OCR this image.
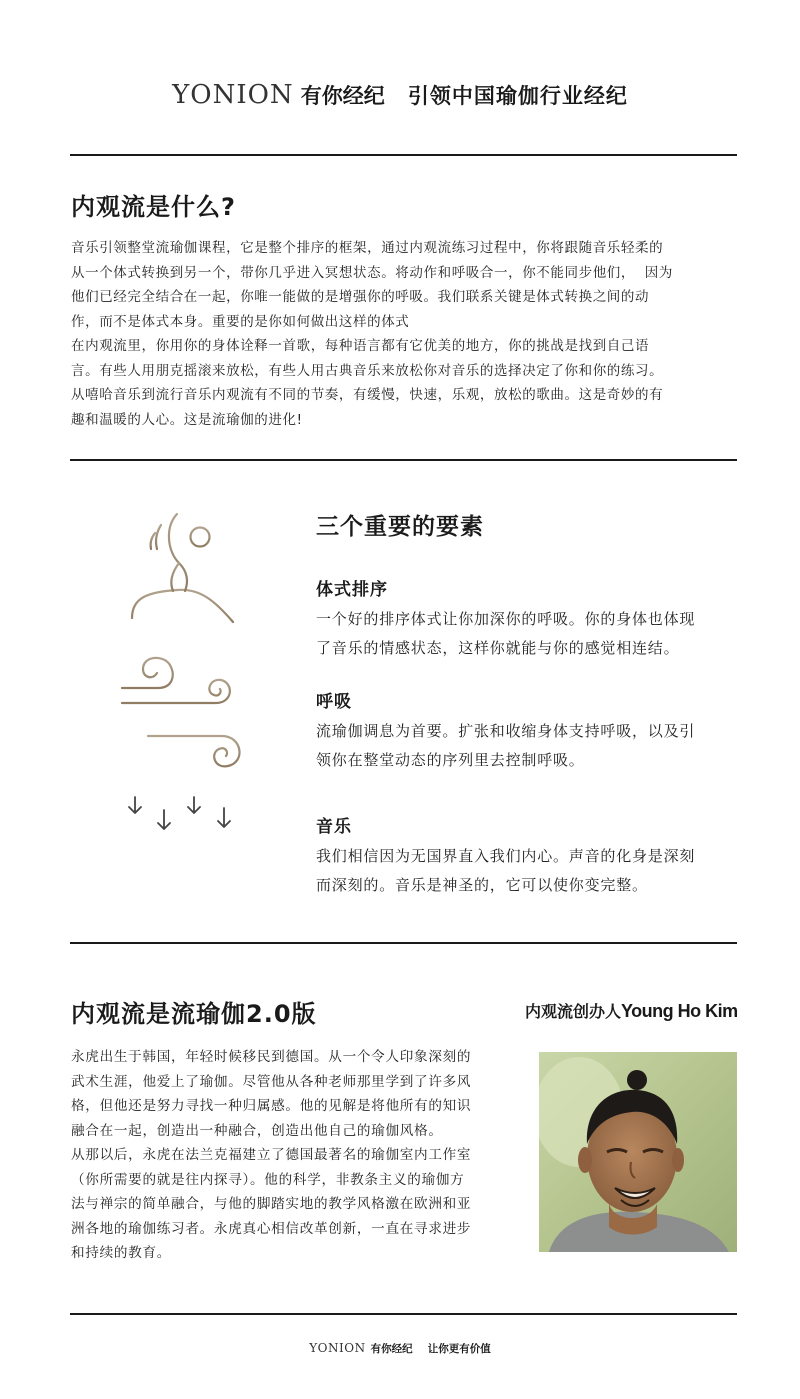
YONION 有你经纪 引领中国瑜伽行业经纪
内观流是什么?
音乐引领整堂流瑜伽课程，它是整个排序的框架，通过内观流练习过程中，你将跟随音乐轻柔的
从一个体式转换到另一个，带你几乎进入冥想状态。将动作和呼吸合一，你不能同步他们，  因为
他们已经完全结合在一起，你唯一能做的是增强你的呼吸。我们联系关键是体式转换之间的动
作，而不是体式本身。重要的是你如何做出这样的体式
在内观流里，你用你的身体诠释一首歌，每种语言都有它优美的地方，你的挑战是找到自己语
言。有些人用朋克摇滚来放松，有些人用古典音乐来放松你对音乐的选择决定了你和你的练习。
从嘻哈音乐到流行音乐内观流有不同的节奏，有缓慢，快速，乐观，放松的歌曲。这是奇妙的有
趣和温暖的人心。这是流瑜伽的进化!
三个重要的要素
体式排序
一个好的排序体式让你加深你的呼吸。你的身体也体现
了音乐的情感状态，这样你就能与你的感觉相连结。
呼吸
流瑜伽调息为首要。扩张和收缩身体支持呼吸，以及引
领你在整堂动态的序列里去控制呼吸。
音乐
我们相信因为无国界直入我们内心。声音的化身是深刻
而深刻的。音乐是神圣的，它可以使你变完整。
内观流是流瑜伽2.0版	内观流创办人Young Ho Kim
永虎出生于韩国，年轻时候移民到德国。从一个令人印象深刻的
武术生涯，他爱上了瑜伽。尽管他从各种老师那里学到了许多风
格，但他还是努力寻找一种归属感。他的见解是将他所有的知识
融合在一起，创造出一种融合，创造出他自己的瑜伽风格。
从那以后，永虎在法兰克福建立了德国最著名的瑜伽室内工作室
（你所需要的就是往内探寻）。他的科学，非教条主义的瑜伽方
法与禅宗的简单融合，与他的脚踏实地的教学风格激在欧洲和亚
洲各地的瑜伽练习者。永虎真心相信改革创新，一直在寻求进步
和持续的教育。
YONION 有你经纪 让你更有价值
